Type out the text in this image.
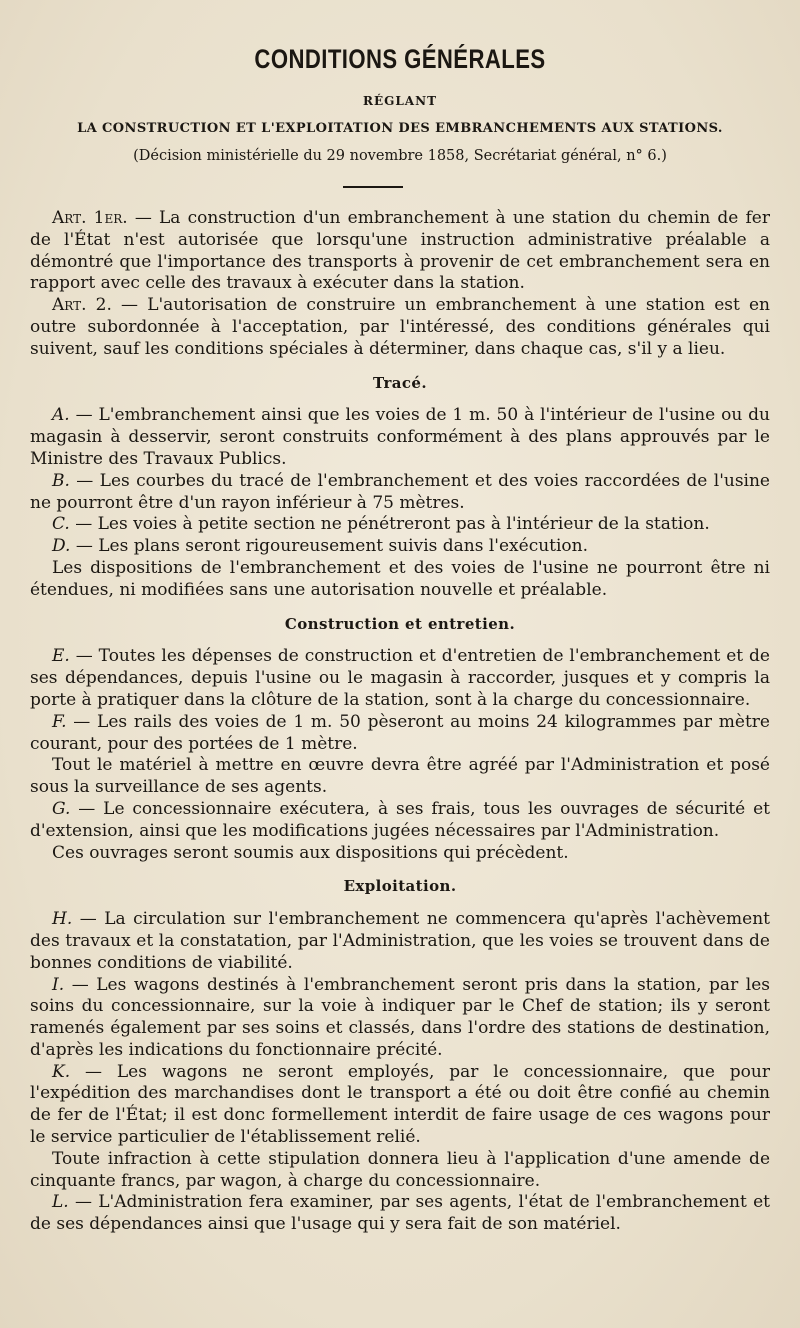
CONDITIONS GÉNÉRALES
RÉGLANT
LA CONSTRUCTION ET L'EXPLOITATION DES EMBRANCHEMENTS AUX STATIONS.
(Décision ministérielle du 29 novembre 1858, Secrétariat général, n° 6.)

Art. 1er. — La construction d'un embranchement à une station du chemin de fer de l'État n'est autorisée que lorsqu'une instruction administrative préalable a démontré que l'importance des transports à provenir de cet embranchement sera en rapport avec celle des travaux à exécuter dans la station.

Art. 2. — L'autorisation de construire un embranchement à une station est en outre subordonnée à l'acceptation, par l'intéressé, des conditions générales qui suivent, sauf les conditions spéciales à déterminer, dans chaque cas, s'il y a lieu.

Tracé.

A. — L'embranchement ainsi que les voies de 1 m. 50 à l'intérieur de l'usine ou du magasin à desservir, seront construits conformément à des plans approuvés par le Ministre des Travaux Publics.

B. — Les courbes du tracé de l'embranchement et des voies raccordées de l'usine ne pourront être d'un rayon inférieur à 75 mètres.

C. — Les voies à petite section ne pénétreront pas à l'intérieur de la station.

D. — Les plans seront rigoureusement suivis dans l'exécution.

Les dispositions de l'embranchement et des voies de l'usine ne pourront être ni étendues, ni modifiées sans une autorisation nouvelle et préalable.

Construction et entretien.

E. — Toutes les dépenses de construction et d'entretien de l'embranchement et de ses dépendances, depuis l'usine ou le magasin à raccorder, jusques et y compris la porte à pratiquer dans la clôture de la station, sont à la charge du concessionnaire.

F. — Les rails des voies de 1 m. 50 pèseront au moins 24 kilogrammes par mètre courant, pour des portées de 1 mètre.

Tout le matériel à mettre en œuvre devra être agréé par l'Administration et posé sous la surveillance de ses agents.

G. — Le concessionnaire exécutera, à ses frais, tous les ouvrages de sécurité et d'extension, ainsi que les modifications jugées nécessaires par l'Administration.

Ces ouvrages seront soumis aux dispositions qui précèdent.

Exploitation.

H. — La circulation sur l'embranchement ne commencera qu'après l'achèvement des travaux et la constatation, par l'Administration, que les voies se trouvent dans de bonnes conditions de viabilité.

I. — Les wagons destinés à l'embranchement seront pris dans la station, par les soins du concessionnaire, sur la voie à indiquer par le Chef de station; ils y seront ramenés également par ses soins et classés, dans l'ordre des stations de destination, d'après les indications du fonctionnaire précité.

K. — Les wagons ne seront employés, par le concessionnaire, que pour l'expédition des marchandises dont le transport a été ou doit être confié au chemin de fer de l'État; il est donc formellement interdit de faire usage de ces wagons pour le service particulier de l'établissement relié.

Toute infraction à cette stipulation donnera lieu à l'application d'une amende de cinquante francs, par wagon, à charge du concessionnaire.

L. — L'Administration fera examiner, par ses agents, l'état de l'embranchement et de ses dépendances ainsi que l'usage qui y sera fait de son matériel.
